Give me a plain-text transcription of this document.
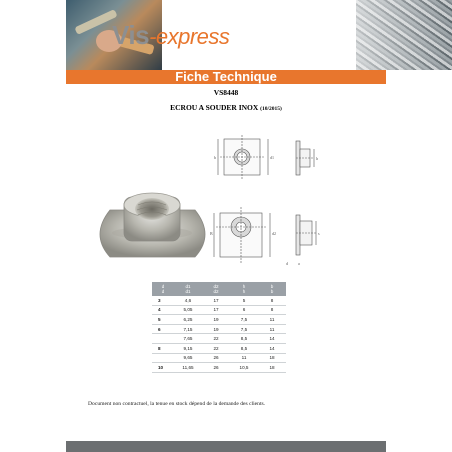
Vis-express
Fiche Technique
VS8448
ECROU A SOUDER INOX (10/2015)
b	d1	h
B	d2	s
a
d
d
d	d1
d1	d2
d2	h
h	b
b
3	4,6	17	5	8
4	5,05	17	6	8
5	6,25	19	7,5	11
6	7,15	19	7,5	11
	7,65	22	8,5	14
8	9,15	22	8,5	14
	9,65	26	11	18
10	11,65	26	10,5	18
Document non contractuel, la tenue en stock dépend de la demande des clients.
